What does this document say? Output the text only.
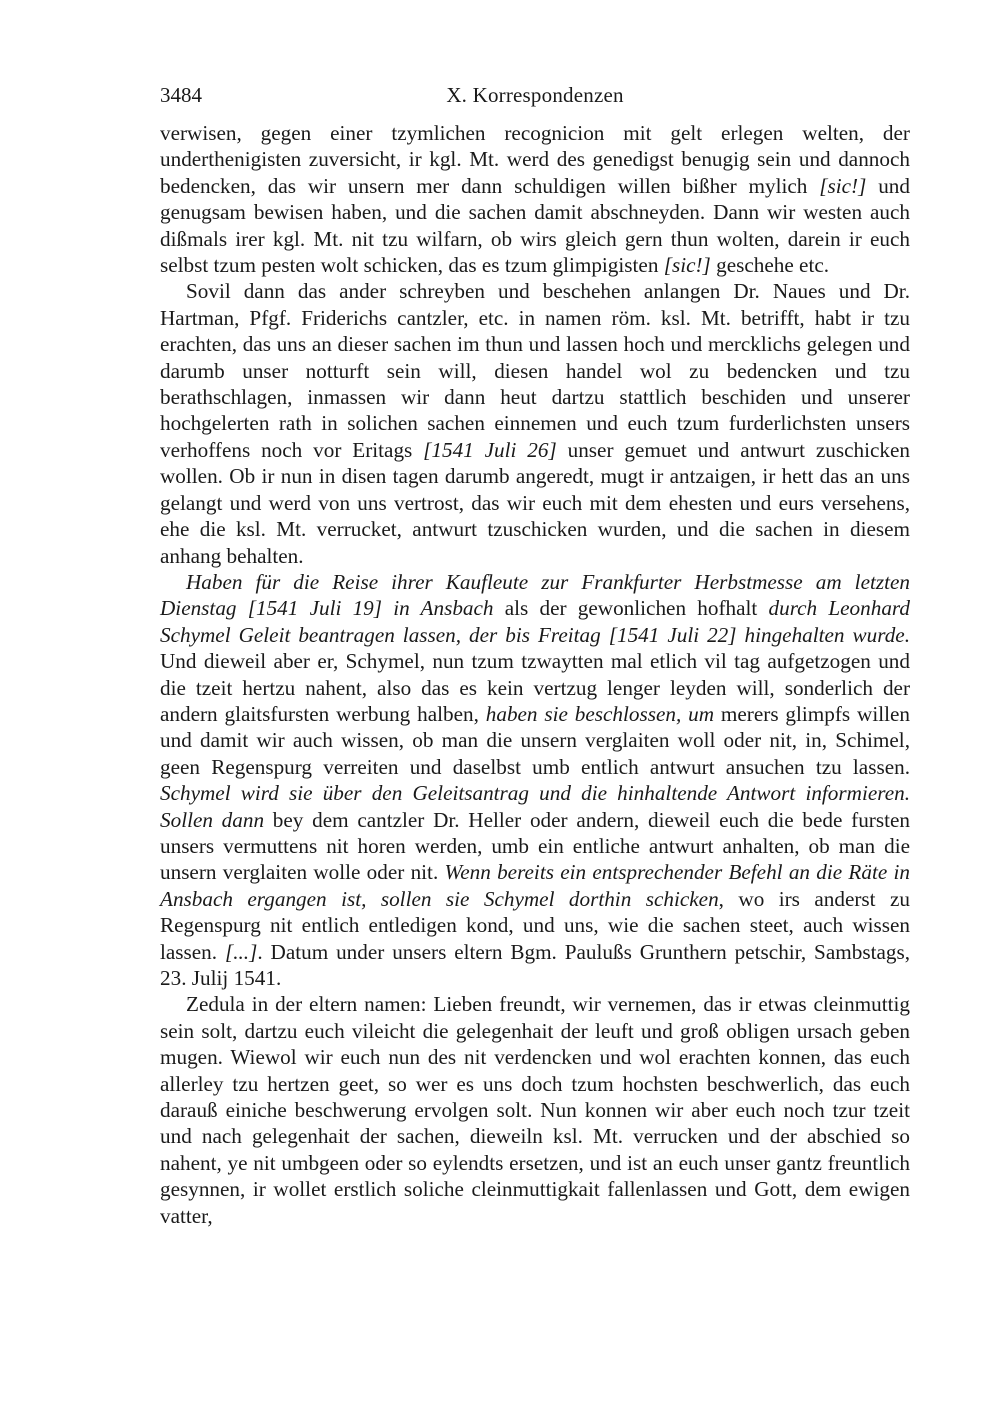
3484	X. Korrespondenzen

verwisen, gegen einer tzymlichen recognicion mit gelt erlegen welten, der underthenigisten zuversicht, ir kgl. Mt. werd des genedigst benugig sein und dannoch bedencken, das wir unsern mer dann schuldigen willen bißher mylich [sic!] und genugsam bewisen haben, und die sachen damit abschneyden. Dann wir westen auch dißmals irer kgl. Mt. nit tzu wilfarn, ob wirs gleich gern thun wolten, darein ir euch selbst tzum pesten wolt schicken, das es tzum glimpigisten [sic!] geschehe etc.

Sovil dann das ander schreyben und beschehen anlangen Dr. Naues und Dr. Hartman, Pfgf. Friderichs cantzler, etc. in namen röm. ksl. Mt. betrifft, habt ir tzu erachten, das uns an dieser sachen im thun und lassen hoch und mercklichs gelegen und darumb unser notturft sein will, diesen handel wol zu bedencken und tzu berathschlagen, inmassen wir dann heut dartzu stattlich beschiden und unserer hochgelerten rath in solichen sachen einnemen und euch tzum furderlichsten unsers verhoffens noch vor Eritags [1541 Juli 26] unser gemuet und antwurt zuschicken wollen. Ob ir nun in disen tagen darumb angeredt, mugt ir antzaigen, ir hett das an uns gelangt und werd von uns vertrost, das wir euch mit dem ehesten und eurs versehens, ehe die ksl. Mt. verrucket, antwurt tzuschicken wurden, und die sachen in diesem anhang behalten.

Haben für die Reise ihrer Kaufleute zur Frankfurter Herbstmesse am letzten Dienstag [1541 Juli 19] in Ansbach als der gewonlichen hofhalt durch Leonhard Schymel Geleit beantragen lassen, der bis Freitag [1541 Juli 22] hingehalten wurde. Und dieweil aber er, Schymel, nun tzum tzwaytten mal etlich vil tag aufgetzogen und die tzeit hertzu nahent, also das es kein vertzug lenger leyden will, sonderlich der andern glaitsfursten werbung halben, haben sie beschlossen, um merers glimpfs willen und damit wir auch wissen, ob man die unsern verglaiten woll oder nit, in, Schimel, geen Regenspurg verreiten und daselbst umb entlich antwurt ansuchen tzu lassen. Schymel wird sie über den Geleitsantrag und die hinhaltende Antwort informieren. Sollen dann bey dem cantzler Dr. Heller oder andern, dieweil euch die bede fursten unsers vermuttens nit horen werden, umb ein entliche antwurt anhalten, ob man die unsern verglaiten wolle oder nit. Wenn bereits ein entsprechender Befehl an die Räte in Ansbach ergangen ist, sollen sie Schymel dorthin schicken, wo irs anderst zu Regenspurg nit entlich entledigen kond, und uns, wie die sachen steet, auch wissen lassen. [...]. Datum under unsers eltern Bgm. Paulußs Grunthern petschir, Sambstags, 23. Julij 1541.

Zedula in der eltern namen: Lieben freundt, wir vernemen, das ir etwas cleinmuttig sein solt, dartzu euch vileicht die gelegenhait der leuft und groß obligen ursach geben mugen. Wiewol wir euch nun des nit verdencken und wol erachten konnen, das euch allerley tzu hertzen geet, so wer es uns doch tzum hochsten beschwerlich, das euch darauß einiche beschwerung ervolgen solt. Nun konnen wir aber euch noch tzur tzeit und nach gelegenhait der sachen, dieweiln ksl. Mt. verrucken und der abschied so nahent, ye nit umbgeen oder so eylendts ersetzen, und ist an euch unser gantz freuntlich gesynnen, ir wollet erstlich soliche cleinmuttigkait fallenlassen und Gott, dem ewigen vatter,
